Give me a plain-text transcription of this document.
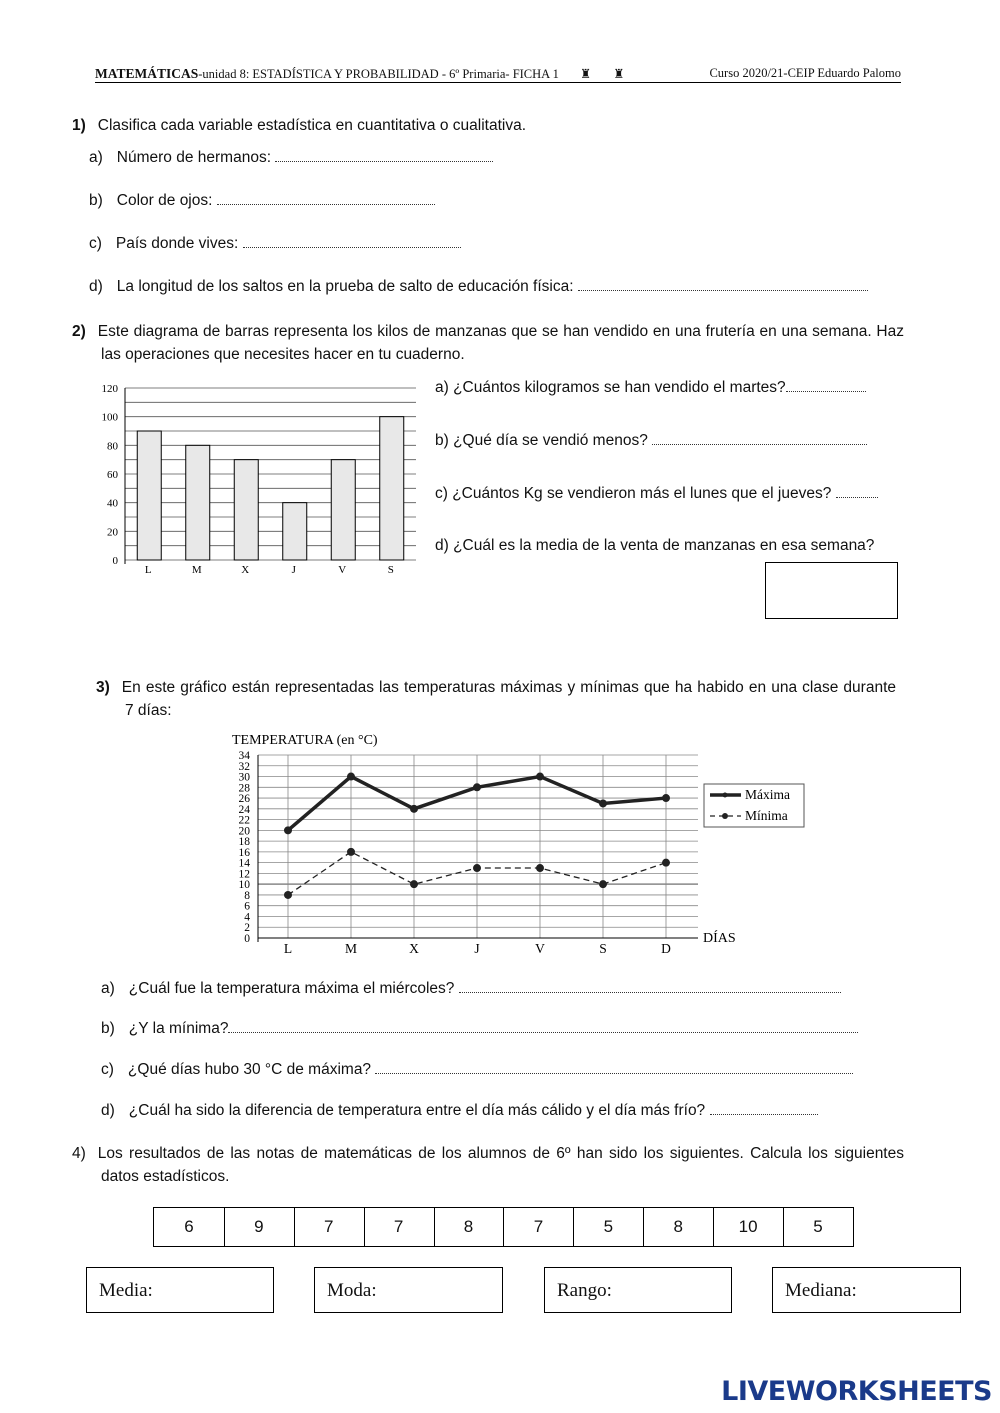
MATEMÁTICAS-unidad 8: ESTADÍSTICA Y PROBABILIDAD - 6º Primaria- FICHA 1 ♜ ♜	Curso 2020/21-CEIP Eduardo Palomo
1) Clasifica cada variable estadística en cuantitativa o cualitativa.
a) Número de hermanos:
b) Color de ojos:
c) País donde vives:
d) La longitud de los saltos en la prueba de salto de educación física:
2) Este diagrama de barras representa los kilos de manzanas que se han vendido en una frutería en una semana. Haz las operaciones que necesites hacer en tu cuaderno.
0
20
40
60
80
100
120
L	M	X	J	V	S
a) ¿Cuántos kilogramos se han vendido el martes?
b) ¿Qué día se vendió menos?
c) ¿Cuántos Kg se vendieron más el lunes que el jueves?
d) ¿Cuál es la media de la venta de manzanas en esa semana?
3) En este gráfico están representadas las temperaturas máximas y mínimas que ha habido en una clase durante 7 días:
TEMPERATURA (en °C)
0
2
4
6
8
10
12
14
16
18
20
22
24
26
28
30
32
34
L	M	X	J	V	S	D
DÍAS
Máxima
Mínima
a) ¿Cuál fue la temperatura máxima el miércoles?
b) ¿Y la mínima?
c) ¿Qué días hubo 30 °C de máxima?
d) ¿Cuál ha sido la diferencia de temperatura entre el día más cálido y el día más frío?
4) Los resultados de las notas de matemáticas de los alumnos de 6º han sido los siguientes. Calcula los siguientes datos estadísticos.
6	9	7	7	8	7	5	8	10	5
Media:	Moda:	Rango:	Mediana:
LIVEWORKSHEETS
